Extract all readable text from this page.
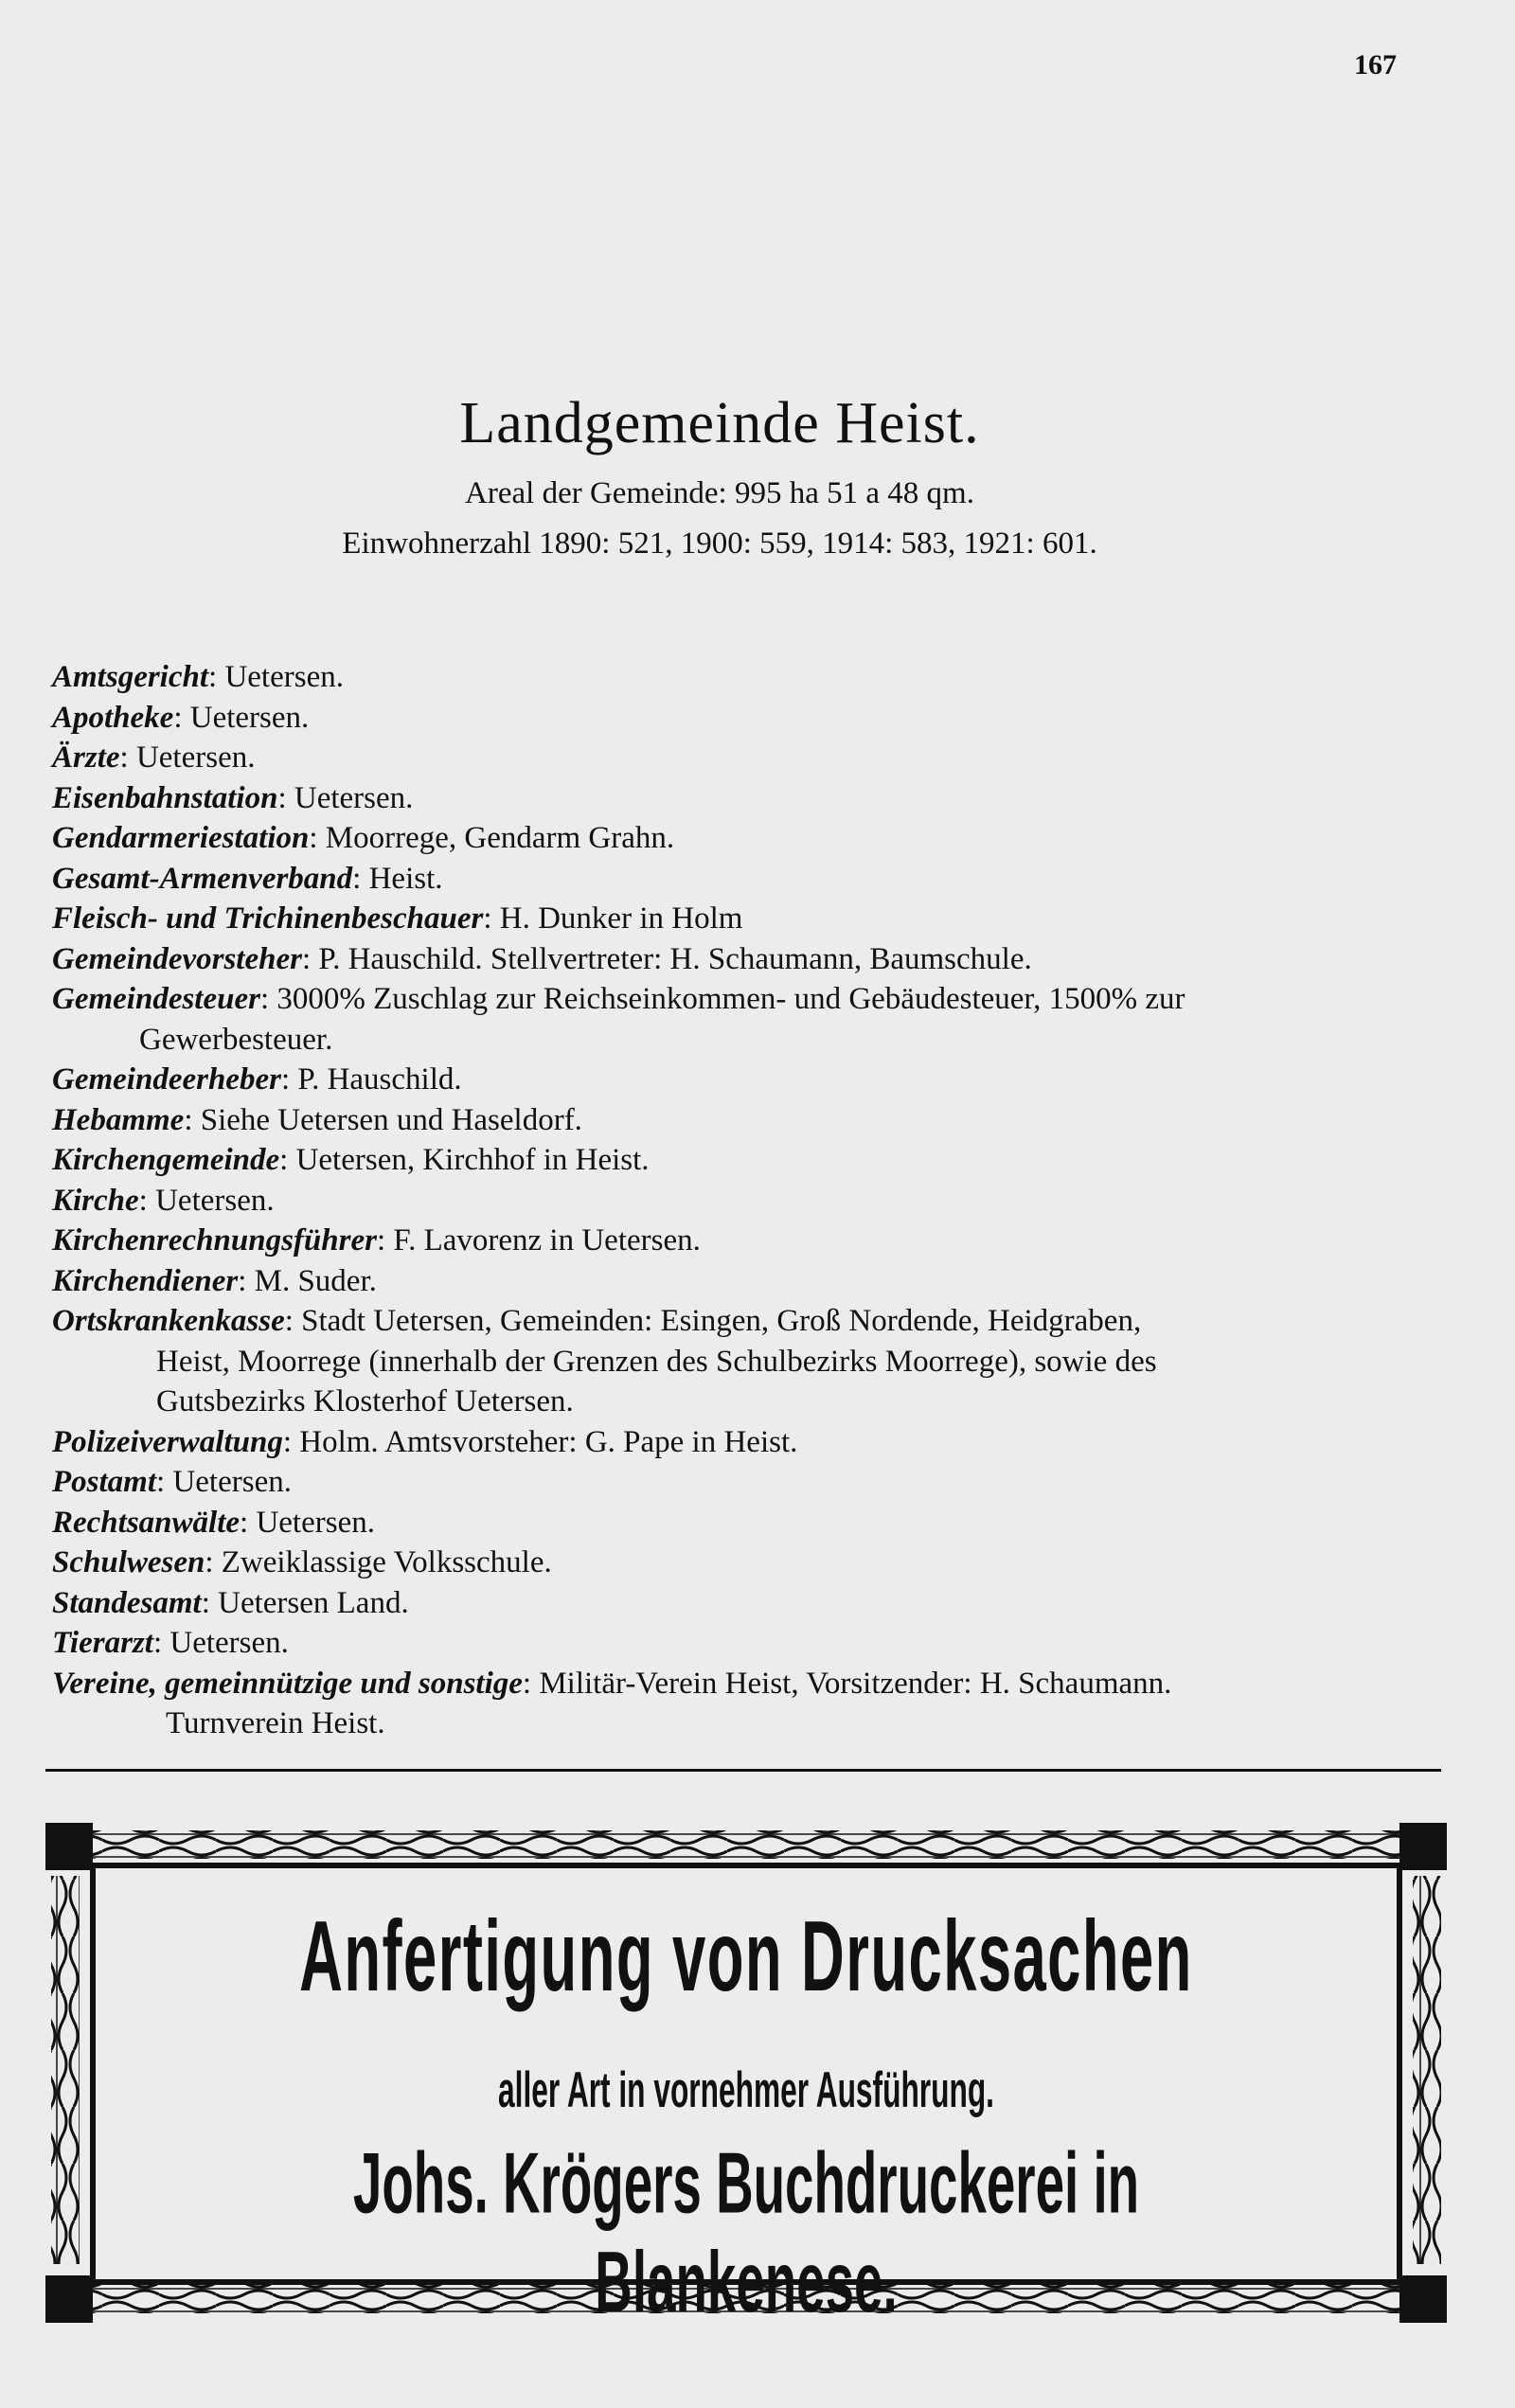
167
Landgemeinde Heist.
Areal der Gemeinde: 995 ha 51 a 48 qm.
Einwohnerzahl 1890: 521, 1900: 559, 1914: 583, 1921: 601.
Amtsgericht: Uetersen.
Apotheke: Uetersen.
Ärzte: Uetersen.
Eisenbahnstation: Uetersen.
Gendarmeriestation: Moorrege, Gendarm Grahn.
Gesamt-Armenverband: Heist.
Fleisch- und Trichinenbeschauer: H. Dunker in Holm
Gemeindevorsteher: P. Hauschild. Stellvertreter: H. Schaumann, Baumschule.
Gemeindesteuer: 3000% Zuschlag zur Reichseinkommen- und Gebäudesteuer, 1500% zur
Gewerbesteuer.
Gemeindeerheber: P. Hauschild.
Hebamme: Siehe Uetersen und Haseldorf.
Kirchengemeinde: Uetersen, Kirchhof in Heist.
Kirche: Uetersen.
Kirchenrechnungsführer: F. Lavorenz in Uetersen.
Kirchendiener: M. Suder.
Ortskrankenkasse: Stadt Uetersen, Gemeinden: Esingen, Groß Nordende, Heidgraben,
Heist, Moorrege (innerhalb der Grenzen des Schulbezirks Moorrege), sowie des
Gutsbezirks Klosterhof Uetersen.
Polizeiverwaltung: Holm. Amtsvorsteher: G. Pape in Heist.
Postamt: Uetersen.
Rechtsanwälte: Uetersen.
Schulwesen: Zweiklassige Volksschule.
Standesamt: Uetersen Land.
Tierarzt: Uetersen.
Vereine, gemeinnützige und sonstige: Militär-Verein Heist, Vorsitzender: H. Schaumann.
Turnverein Heist.
Anfertigung von Drucksachen
aller Art in vornehmer Ausführung.
Johs. Krögers Buchdruckerei in Blankenese.
